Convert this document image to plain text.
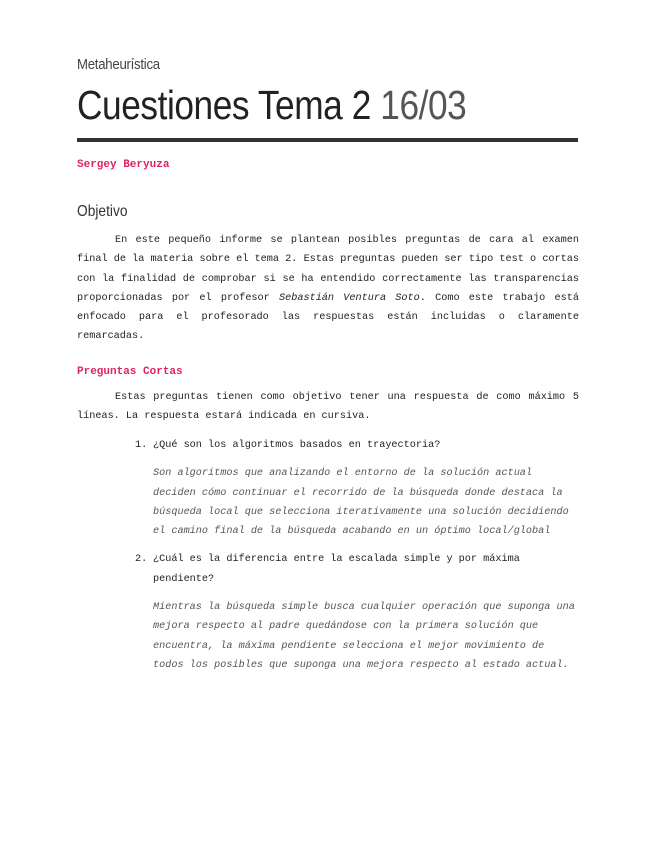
Metaheurística
Cuestiones Tema 2 16/03
Sergey Beryuza
Objetivo

En este pequeño informe se plantean posibles preguntas de cara al examen final de la materia sobre el tema 2. Estas preguntas pueden ser tipo test o cortas con la finalidad de comprobar si se ha entendido correctamente las transparencias proporcionadas por el profesor Sebastián Ventura Soto. Como este trabajo está enfocado para el profesorado las respuestas están incluidas o claramente remarcadas.

Preguntas Cortas

Estas preguntas tienen como objetivo tener una respuesta de como máximo 5 líneas. La respuesta estará indicada en cursiva.

1. ¿Qué son los algoritmos basados en trayectoria?

Son algoritmos que analizando el entorno de la solución actual deciden cómo continuar el recorrido de la búsqueda donde destaca la búsqueda local que selecciona iterativamente una solución decidiendo el camino final de la búsqueda acabando en un óptimo local/global

2. ¿Cuál es la diferencia entre la escalada simple y por máxima pendiente?

Mientras la búsqueda simple busca cualquier operación que suponga una mejora respecto al padre quedándose con la primera solución que encuentra, la máxima pendiente selecciona el mejor movimiento de todos los posibles que suponga una mejora respecto al estado actual.
